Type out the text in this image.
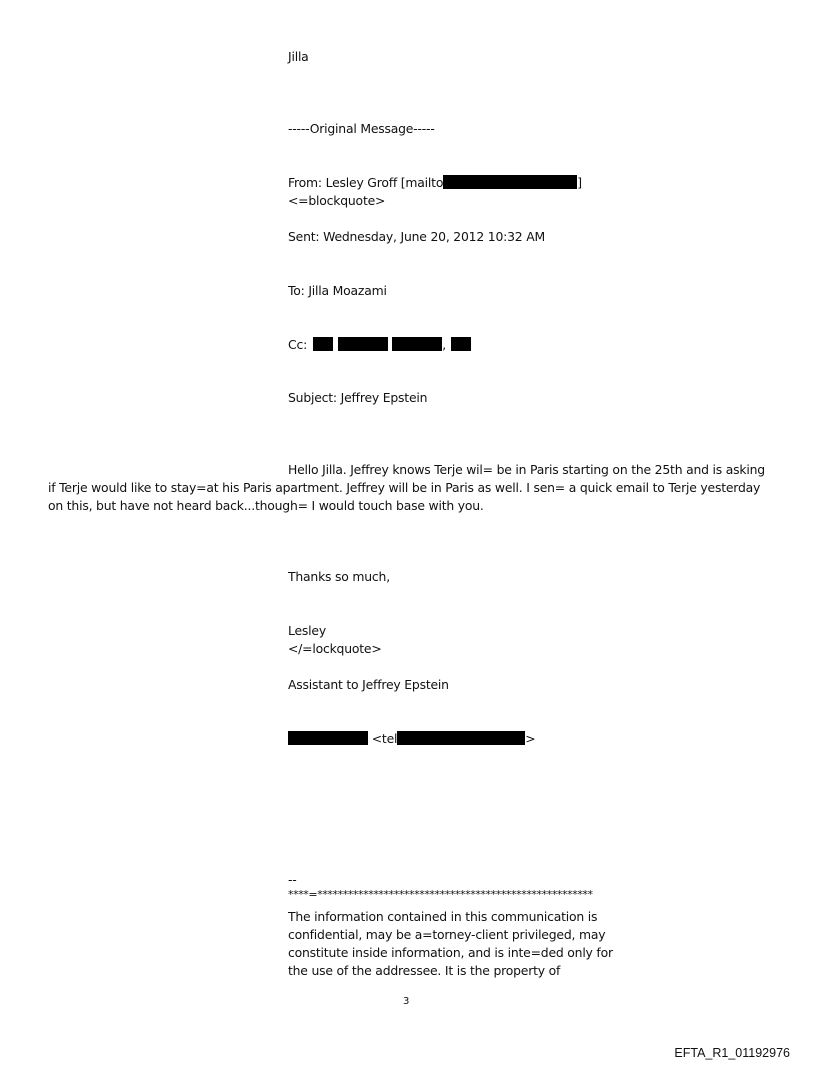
Jilla
-----Original Message-----
From: Lesley Groff [mailto	]
<=blockquote>
Sent: Wednesday, June 20, 2012 10:32 AM
To: Jilla Moazami
Cc:	,
Subject: Jeffrey Epstein
Hello Jilla. Jeffrey knows Terje wil= be in Paris starting on the 25th and is asking
if Terje would like to stay=at his Paris apartment. Jeffrey will be in Paris as well. I sen= a quick email to Terje yesterday
on this, but have not heard back...though= I would touch base with you.
Thanks so much,
Lesley
</=lockquote>
Assistant to Jeffrey Epstein
<tel	>
--
****=******************************************************
The information contained in this communication is
confidential, may be a=torney-client privileged, may
constitute inside information, and is inte=ded only for
the use of the addressee. It is the property of
3
EFTA_R1_01192976
